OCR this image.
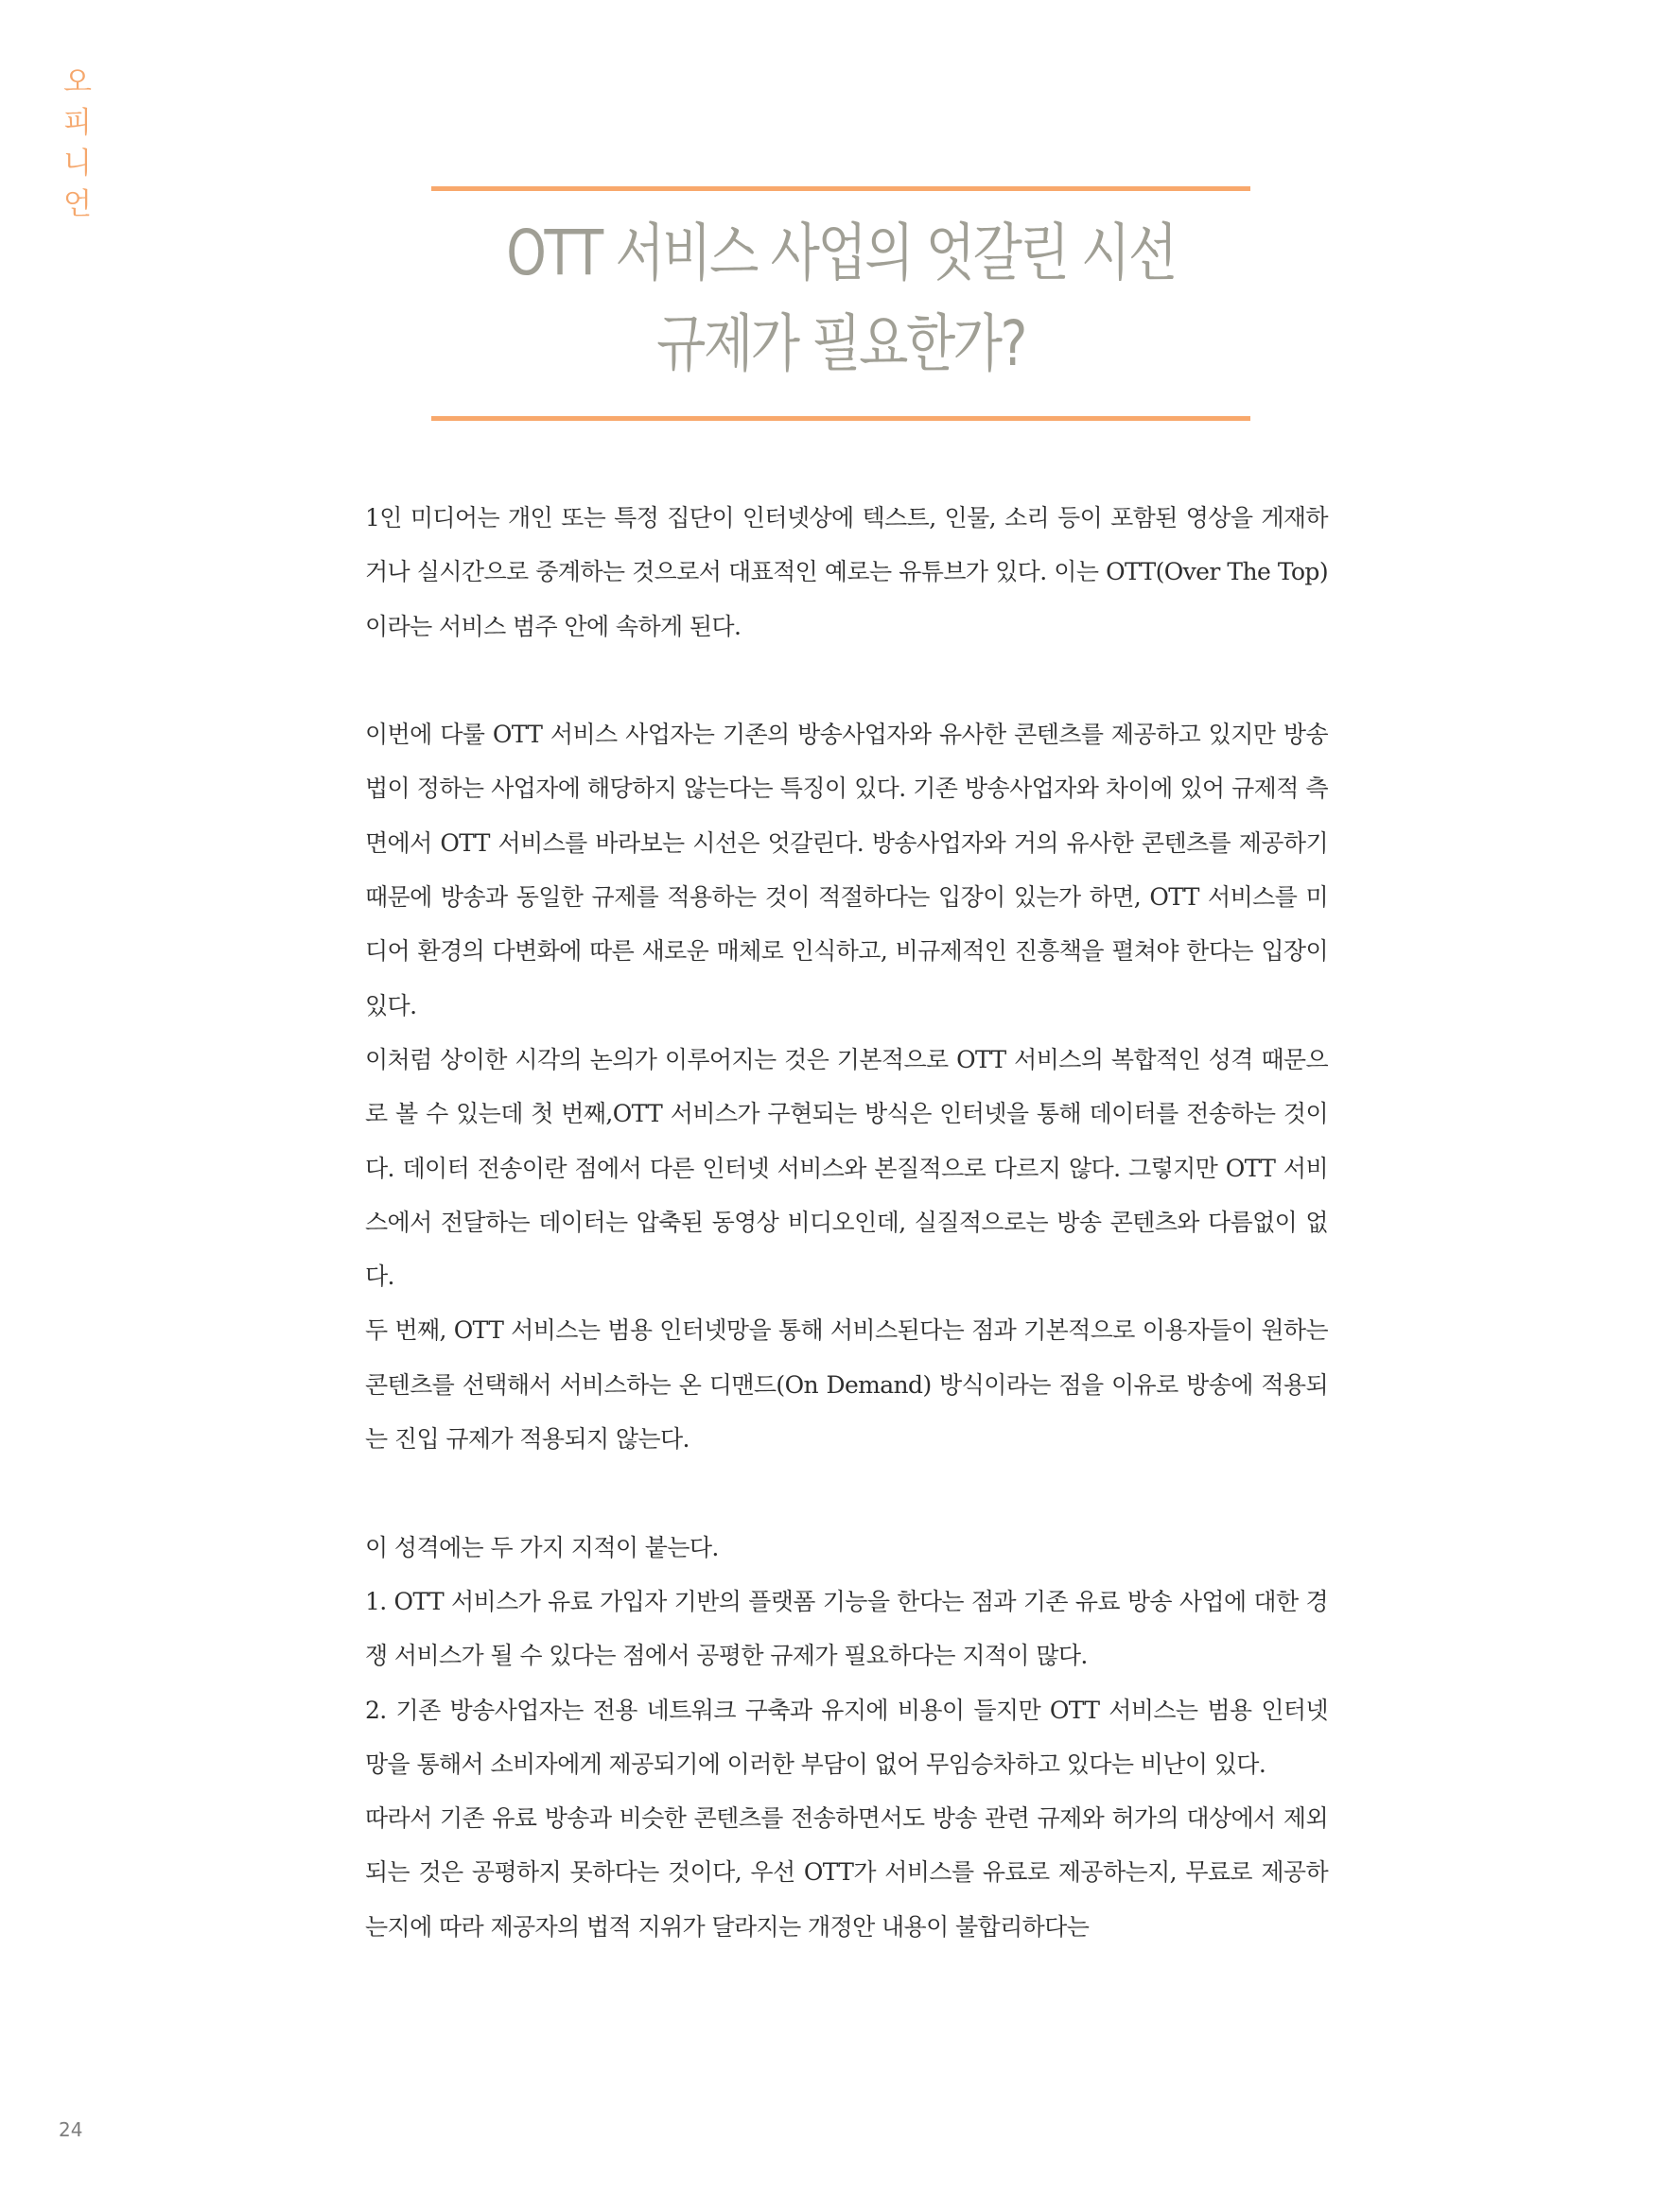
오
피
니
언
OTT 서비스 사업의 엇갈린 시선
규제가 필요한가?

1인 미디어는 개인 또는 특정 집단이 인터넷상에 텍스트, 인물, 소리 등이 포함된 영상을 게재하거나 실시간으로 중계하는 것으로서 대표적인 예로는 유튜브가 있다. 이는 OTT(Over The Top)이라는 서비스 범주 안에 속하게 된다.

이번에 다룰 OTT 서비스 사업자는 기존의 방송사업자와 유사한 콘텐츠를 제공하고 있지만 방송법이 정하는 사업자에 해당하지 않는다는 특징이 있다. 기존 방송사업자와 차이에 있어 규제적 측면에서 OTT 서비스를 바라보는 시선은 엇갈린다. 방송사업자와 거의 유사한 콘텐츠를 제공하기 때문에 방송과 동일한 규제를 적용하는 것이 적절하다는 입장이 있는가 하면, OTT 서비스를 미디어 환경의 다변화에 따른 새로운 매체로 인식하고, 비규제적인 진흥책을 펼쳐야 한다는 입장이 있다.

이처럼 상이한 시각의 논의가 이루어지는 것은 기본적으로 OTT 서비스의 복합적인 성격 때문으로 볼 수 있는데 첫 번째,OTT 서비스가 구현되는 방식은 인터넷을 통해 데이터를 전송하는 것이다. 데이터 전송이란 점에서 다른 인터넷 서비스와 본질적으로 다르지 않다. 그렇지만 OTT 서비스에서 전달하는 데이터는 압축된 동영상 비디오인데, 실질적으로는 방송 콘텐츠와 다름없이 없다.

두 번째, OTT 서비스는 범용 인터넷망을 통해 서비스된다는 점과 기본적으로 이용자들이 원하는 콘텐츠를 선택해서 서비스하는 온 디맨드(On Demand) 방식이라는 점을 이유로 방송에 적용되는 진입 규제가 적용되지 않는다.

이 성격에는 두 가지 지적이 붙는다.

1. OTT 서비스가 유료 가입자 기반의 플랫폼 기능을 한다는 점과 기존 유료 방송 사업에 대한 경쟁 서비스가 될 수 있다는 점에서 공평한 규제가 필요하다는 지적이 많다.

2. 기존 방송사업자는 전용 네트워크 구축과 유지에 비용이 들지만 OTT 서비스는 범용 인터넷 망을 통해서 소비자에게 제공되기에 이러한 부담이 없어 무임승차하고 있다는 비난이 있다.

따라서 기존 유료 방송과 비슷한 콘텐츠를 전송하면서도 방송 관련 규제와 허가의 대상에서 제외되는 것은 공평하지 못하다는 것이다, 우선 OTT가 서비스를 유료로 제공하는지, 무료로 제공하는지에 따라 제공자의 법적 지위가 달라지는 개정안 내용이 불합리하다는

24
